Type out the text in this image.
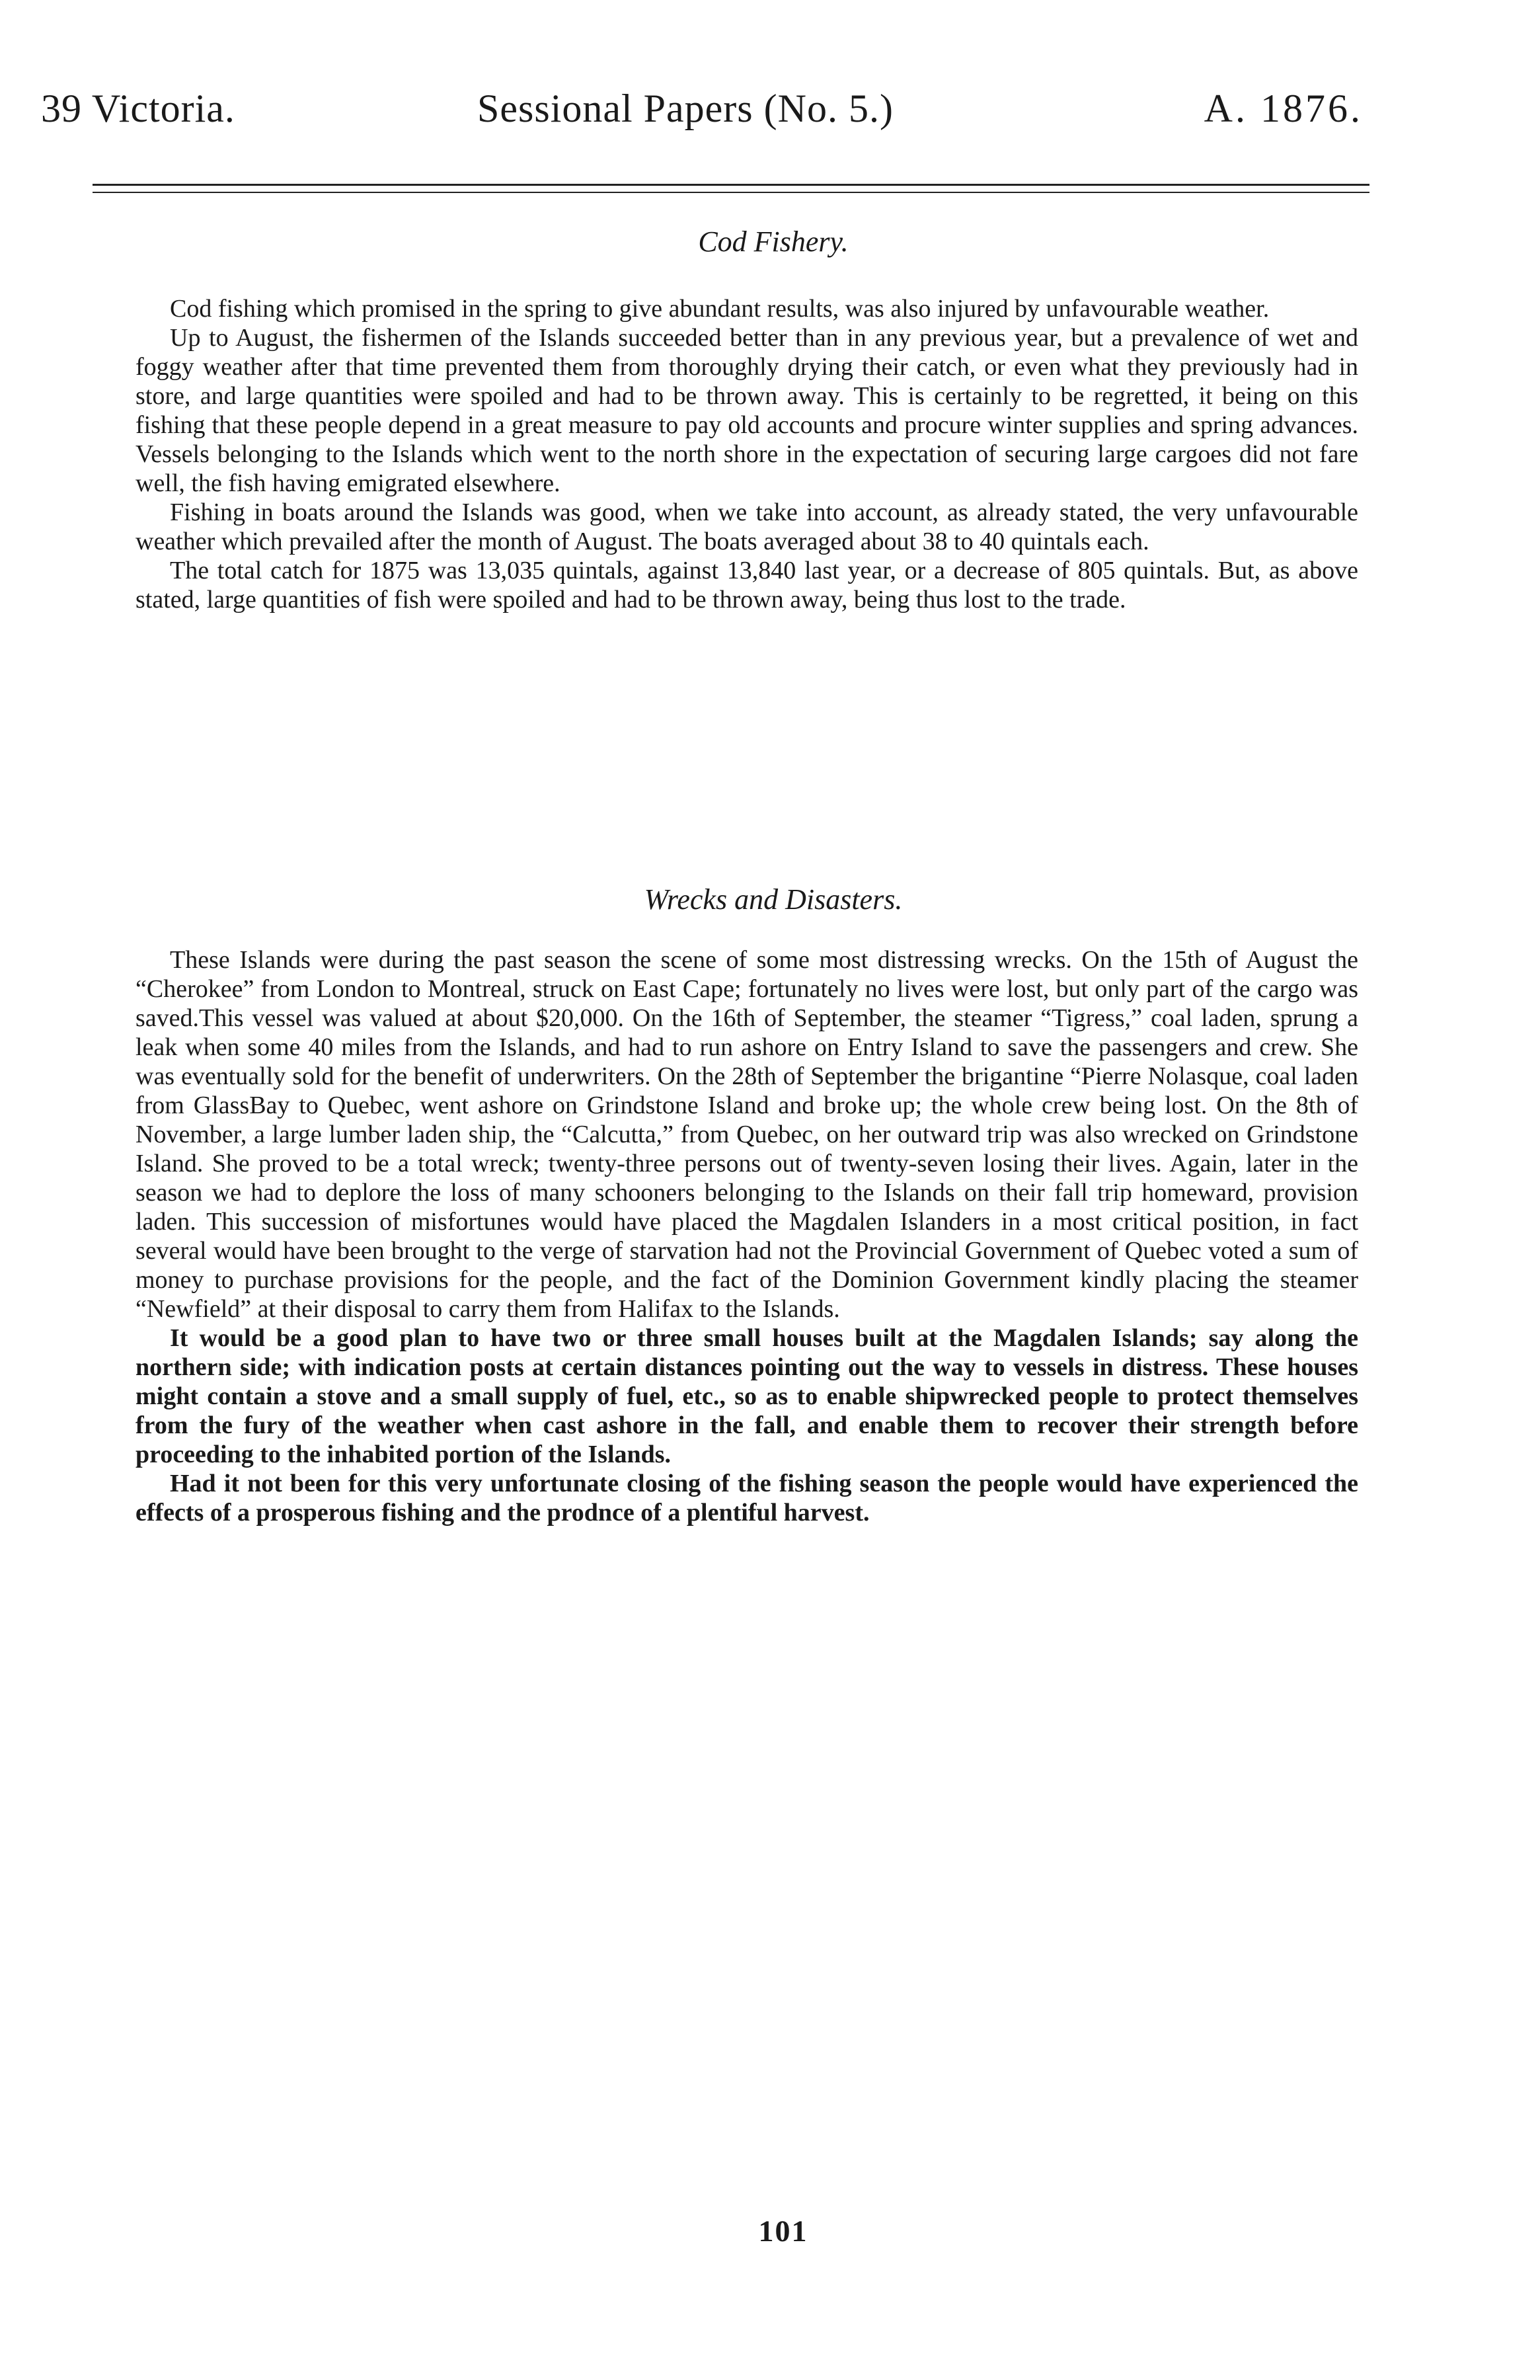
39 Victoria.	Sessional Papers (No. 5.)	A. 1876.
Cod Fishery.

Cod fishing which promised in the spring to give abundant results, was also injured by unfavourable weather.

Up to August, the fishermen of the Islands succeeded better than in any previous year, but a prevalence of wet and foggy weather after that time prevented them from thoroughly drying their catch, or even what they previously had in store, and large quantities were spoiled and had to be thrown away. This is certainly to be regretted, it being on this fishing that these people depend in a great measure to pay old accounts and procure winter supplies and spring advances. Vessels belonging to the Islands which went to the north shore in the expectation of securing large cargoes did not fare well, the fish having emigrated elsewhere.

Fishing in boats around the Islands was good, when we take into account, as already stated, the very unfavourable weather which prevailed after the month of August. The boats averaged about 38 to 40 quintals each.

The total catch for 1875 was 13,035 quintals, against 13,840 last year, or a decrease of 805 quintals. But, as above stated, large quantities of fish were spoiled and had to be thrown away, being thus lost to the trade.

Wrecks and Disasters.

These Islands were during the past season the scene of some most distressing wrecks. On the 15th of August the “Cherokee” from London to Montreal, struck on East Cape; fortunately no lives were lost, but only part of the cargo was saved.This vessel was valued at about $20,000. On the 16th of September, the steamer “Tigress,” coal laden, sprung a leak when some 40 miles from the Islands, and had to run ashore on Entry Island to save the passengers and crew. She was eventually sold for the benefit of underwriters. On the 28th of September the brigantine “Pierre Nolasque, coal laden from GlassBay to Quebec, went ashore on Grindstone Island and broke up; the whole crew being lost. On the 8th of November, a large lumber laden ship, the “Calcutta,” from Quebec, on her outward trip was also wrecked on Grindstone Island. She proved to be a total wreck; twenty-three persons out of twenty-seven losing their lives. Again, later in the season we had to deplore the loss of many schooners belonging to the Islands on their fall trip homeward, provision laden. This succession of misfortunes would have placed the Magdalen Islanders in a most critical position, in fact several would have been brought to the verge of starvation had not the Provincial Government of Quebec voted a sum of money to purchase provisions for the people, and the fact of the Dominion Government kindly placing the steamer “Newfield” at their disposal to carry them from Halifax to the Islands.

It would be a good plan to have two or three small houses built at the Magdalen Islands; say along the northern side; with indication posts at certain distances pointing out the way to vessels in distress. These houses might contain a stove and a small supply of fuel, etc., so as to enable shipwrecked people to protect themselves from the fury of the weather when cast ashore in the fall, and enable them to recover their strength before proceeding to the inhabited portion of the Islands.

Had it not been for this very unfortunate closing of the fishing season the people would have experienced the effects of a prosperous fishing and the prodnce of a plentiful harvest.

101
